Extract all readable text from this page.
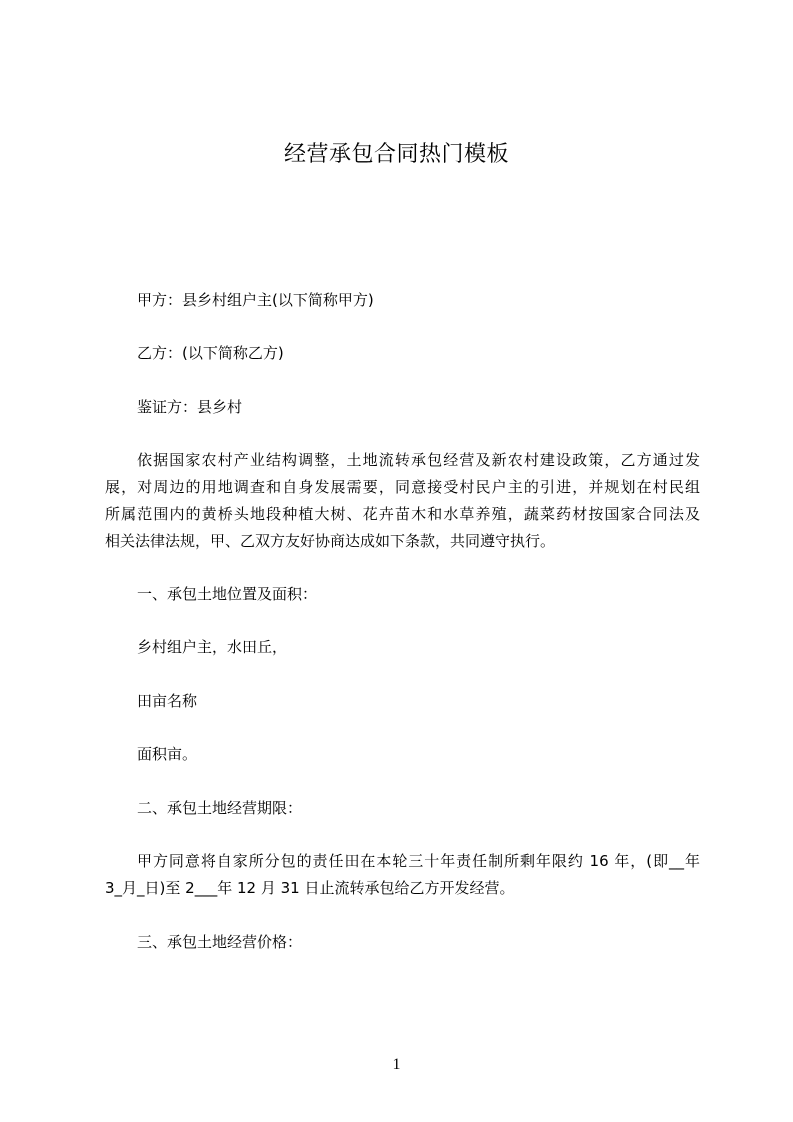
经营承包合同热门模板
甲方：县乡村组户主(以下简称甲方)
乙方：(以下简称乙方)
鉴证方：县乡村
依据国家农村产业结构调整，土地流转承包经营及新农村建设政策，乙方通过发
展，对周边的用地调查和自身发展需要，同意接受村民户主的引进，并规划在村民组
所属范围内的黄桥头地段种植大树、花卉苗木和水草养殖，蔬菜药材按国家合同法及
相关法律法规，甲、乙双方友好协商达成如下条款，共同遵守执行。
一、承包土地位置及面积：
乡村组户主，水田丘，
田亩名称
面积亩。
二、承包土地经营期限：
甲方同意将自家所分包的责任田在本轮三十年责任制所剩年限约 16 年，(即__年
3_月_日)至 2___年 12 月 31 日止流转承包给乙方开发经营。
三、承包土地经营价格：
1
